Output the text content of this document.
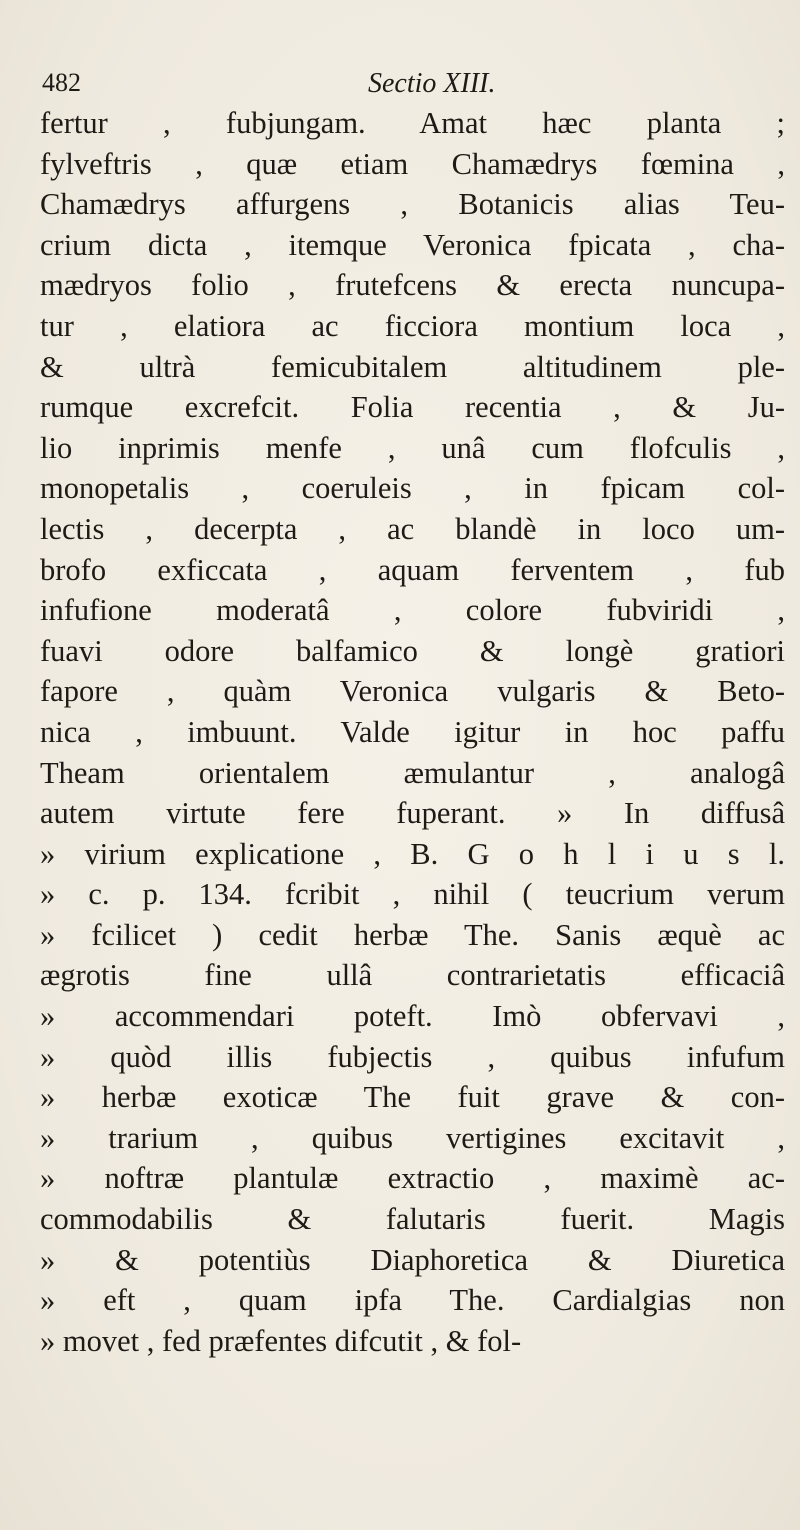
482	Sectio XIII.
fertur , fubjungam. Amat hæc planta ;
fylveftris , quæ etiam Chamædrys fœmina ,
Chamædrys affurgens , Botanicis alias Teu-
crium dicta , itemque Veronica fpicata , cha-
mædryos folio , frutefcens & erecta nuncupa-
tur , elatiora ac ficciora montium loca ,
& ultrà femicubitalem altitudinem ple-
rumque excrefcit. Folia recentia , & Ju-
lio inprimis menfe , unâ cum flofculis ,
monopetalis , coeruleis , in fpicam col-
lectis , decerpta , ac blandè in loco um-
brofo exficcata , aquam ferventem , fub
infufione moderatâ , colore fubviridi ,
fuavi odore balfamico & longè gratiori
fapore , quàm Veronica vulgaris & Beto-
nica , imbuunt. Valde igitur in hoc paffu
Theam orientalem æmulantur , analogâ
autem virtute fere fuperant. » In diffusâ
» virium explicatione , B. G o h l i u s l.
» c. p. 134. fcribit , nihil ( teucrium verum
» fcilicet ) cedit herbæ The. Sanis æquè ac
ægrotis fine ullâ contrarietatis efficaciâ
» accommendari poteft. Imò obfervavi ,
» quòd illis fubjectis , quibus infufum
» herbæ exoticæ The fuit grave & con-
» trarium , quibus vertigines excitavit ,
» noftræ plantulæ extractio , maximè ac-
commodabilis & falutaris fuerit. Magis
» & potentiùs Diaphoretica & Diuretica
» eft , quam ipfa The. Cardialgias non
» movet , fed præfentes difcutit , & fol-
